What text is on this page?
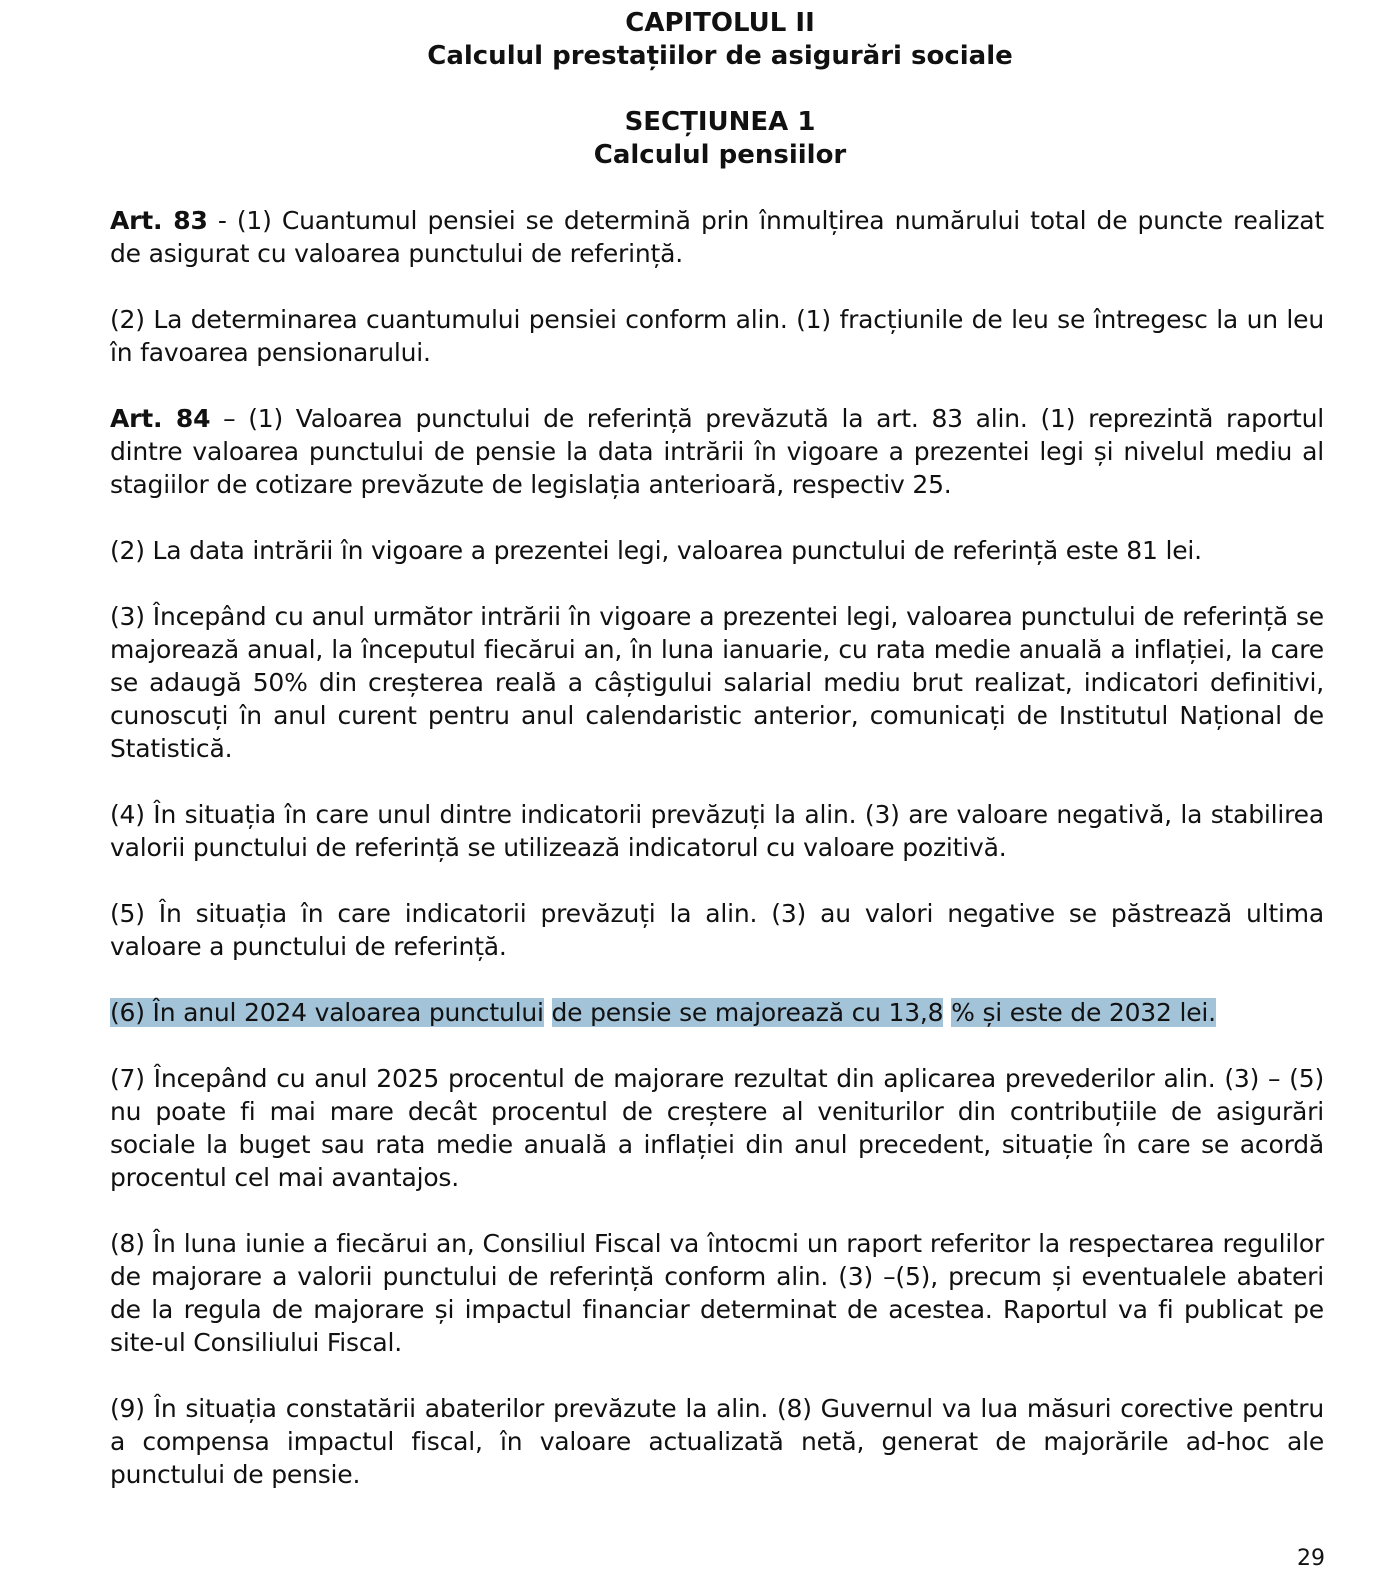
CAPITOLUL II
Calculul prestațiilor de asigurări sociale
SECȚIUNEA 1
Calculul pensiilor

Art. 83 - (1) Cuantumul pensiei se determină prin înmulțirea numărului total de puncte realizat de asigurat cu valoarea punctului de referință.

(2) La determinarea cuantumului pensiei conform alin. (1) fracțiunile de leu se întregesc la un leu în favoarea pensionarului.

Art. 84 – (1) Valoarea punctului de referință prevăzută la art. 83 alin. (1) reprezintă raportul dintre valoarea punctului de pensie la data intrării în vigoare a prezentei legi și nivelul mediu al stagiilor de cotizare prevăzute de legislația anterioară, respectiv 25.

(2) La data intrării în vigoare a prezentei legi, valoarea punctului de referință este 81 lei.

(3) Începând cu anul următor intrării în vigoare a prezentei legi, valoarea punctului de referință se majorează anual, la începutul fiecărui an, în luna ianuarie, cu rata medie anuală a inflației, la care se adaugă 50% din creșterea reală a câștigului salarial mediu brut realizat, indicatori definitivi, cunoscuți în anul curent pentru anul calendaristic anterior, comunicați de Institutul Național de Statistică.

(4) În situația în care unul dintre indicatorii prevăzuți la alin. (3) are valoare negativă, la stabilirea valorii punctului de referință se utilizează indicatorul cu valoare pozitivă.

(5) În situația în care indicatorii prevăzuți la alin. (3) au valori negative se păstrează ultima valoare a punctului de referință.

(6) În anul 2024 valoarea punctului de pensie se majorează cu 13,8 % și este de 2032 lei.

(7) Începând cu anul 2025 procentul de majorare rezultat din aplicarea prevederilor alin. (3) – (5) nu poate fi mai mare decât procentul de creștere al veniturilor din contribuțiile de asigurări sociale la buget sau rata medie anuală a inflației din anul precedent, situație în care se acordă procentul cel mai avantajos.

(8) În luna iunie a fiecărui an, Consiliul Fiscal va întocmi un raport referitor la respectarea regulilor de majorare a valorii punctului de referință conform alin. (3) –(5), precum și eventualele abateri de la regula de majorare și impactul financiar determinat de acestea. Raportul va fi publicat pe site-ul Consiliului Fiscal.

(9) În situația constatării abaterilor prevăzute la alin. (8) Guvernul va lua măsuri corective pentru a compensa impactul fiscal, în valoare actualizată netă, generat de majorările ad-hoc ale punctului de pensie.

29
